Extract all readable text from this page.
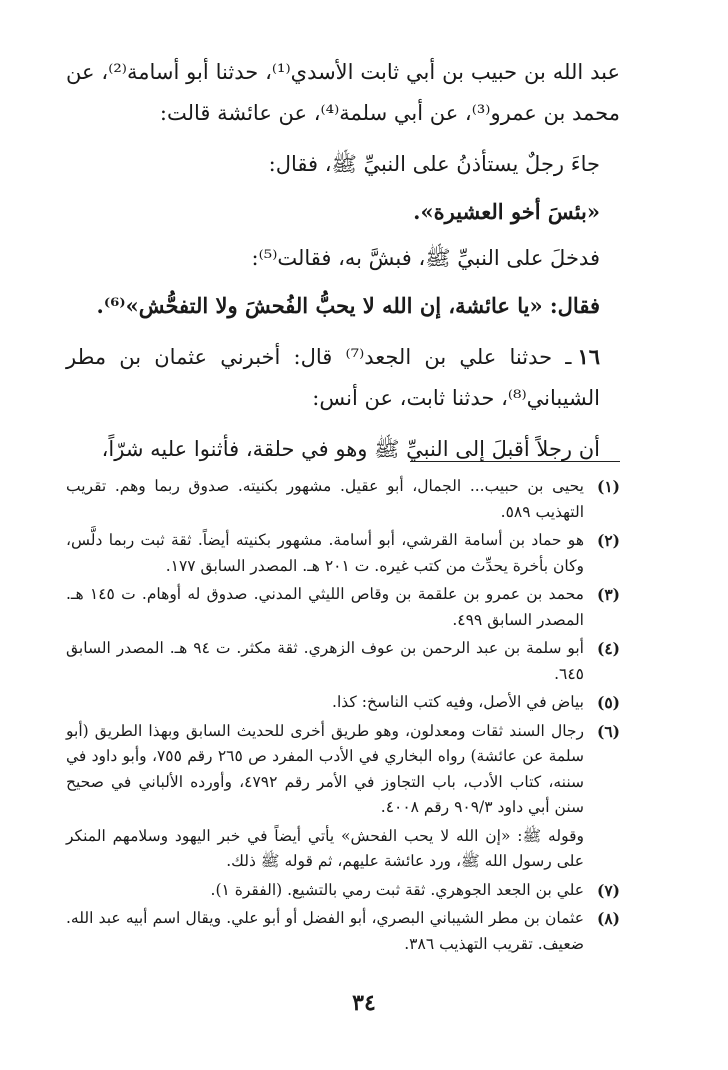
عبد الله بن حبيب بن أبي ثابت الأسدي⁽¹⁾، حدثنا أبو أسامة⁽²⁾، عن محمد بن عمرو⁽³⁾، عن أبي سلمة⁽⁴⁾، عن عائشة قالت:

جاءَ رجلٌ يستأذنُ على النبيِّ ﷺ، فقال:

«بئسَ أخو العشيرة».

فدخلَ على النبيِّ ﷺ، فبشَّ به، فقالت⁽⁵⁾:

فقال: «يا عائشة، إن الله لا يحبُّ الفُحشَ ولا التفحُّش»⁽⁶⁾.

١٦ـ حدثنا علي بن الجعد⁽⁷⁾ قال: أخبرني عثمان بن مطر الشيباني⁽⁸⁾، حدثنا ثابت، عن أنس:

أن رجلاً أقبلَ إلى النبيِّ ﷺ وهو في حلقة، فأثنوا عليه شرّاً،

(١)
يحيى بن حبيب... الجمال، أبو عقيل. مشهور بكنيته. صدوق ربما وهم. تقريب التهذيب ٥٨٩.
(٢)
هو حماد بن أسامة القرشي، أبو أسامة. مشهور بكنيته أيضاً. ثقة ثبت ربما دلَّس، وكان بأخرة يحدِّث من كتب غيره. ت ٢٠١ هـ. المصدر السابق ١٧٧.
(٣)
محمد بن عمرو بن علقمة بن وقاص الليثي المدني. صدوق له أوهام. ت ١٤٥ هـ. المصدر السابق ٤٩٩.
(٤)
أبو سلمة بن عبد الرحمن بن عوف الزهري. ثقة مكثر. ت ٩٤ هـ. المصدر السابق ٦٤٥.
(٥)
بياض في الأصل، وفيه كتب الناسخ: كذا.
(٦)
رجال السند ثقات ومعدلون، وهو طريق أخرى للحديث السابق وبهذا الطريق (أبو سلمة عن عائشة) رواه البخاري في الأدب المفرد ص ٢٦٥ رقم ٧٥٥، وأبو داود في سننه، كتاب الأدب، باب التجاوز في الأمر رقم ٤٧٩٢، وأورده الألباني في صحيح سنن أبي داود ٩٠٩/٣ رقم ٤٠٠٨.
وقوله ﷺ: «إن الله لا يحب الفحش» يأتي أيضاً في خبر اليهود وسلامهم المنكر على رسول الله ﷺ، ورد عائشة عليهم، ثم قوله ﷺ ذلك.
(٧)
علي بن الجعد الجوهري. ثقة ثبت رمي بالتشيع. (الفقرة ١).
(٨)
عثمان بن مطر الشيباني البصري، أبو الفضل أو أبو علي. ويقال اسم أبيه عبد الله. ضعيف. تقريب التهذيب ٣٨٦.
٣٤
